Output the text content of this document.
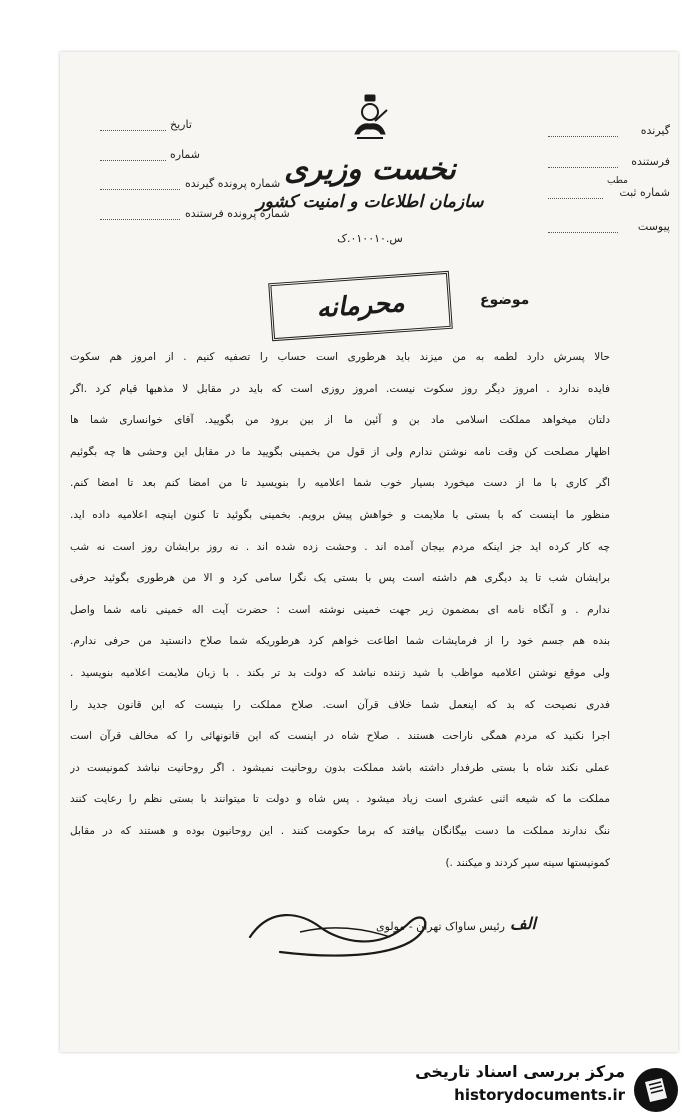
گیرنده
فرستنده
شماره ثبت
مطب
پیوست
تاریخ
شماره
شماره پرونده گیرنده
شماره پرونده فرستنده
نخست وزیری
سازمان اطلاعات و امنیت کشور
س.۰۱۰۰۱۰.ک
موضوع
محرمانه
حالا پسرش دارد لطمه به من میزند باید هرطوری است حساب را تصفیه کنیم . از امروز هم سکوت
فایده ندارد . امروز دیگر روز سکوت نیست. امروز روزی است که باید در مقابل لا مذهبها قیام کرد .اگر
دلتان میخواهد مملکت اسلامی ماد بن و آئین ما از بین برود من بگویید. آقای خوانساری شما ها
اظهار مصلحت کن وقت نامه نوشتن ندارم ولی از قول من بخمینی بگویید ما در مقابل این وحشی ها چه بگوئیم
اگر کاری با ما از دست میخورد بسیار خوب شما اعلامیه را بنویسید تا من امضا کنم بعد تا امضا کنم.
منظور ما اینست که با بستی با ملایمت و خواهش پیش برویم. بخمینی بگوئید تا کنون اینچه اعلامیه داده اید.
چه کار کرده اید جز اینکه مردم بیجان آمده اند . وحشت زده شده اند . نه روز برایشان روز است نه شب
برایشان شب تا ید دیگری هم داشته است پس با بستی یک نگرا سامی کرد و الا من هرطوری بگوئید حرفی
ندارم . و آنگاه نامه ای بمضمون زیر جهت خمینی نوشته است : حضرت آیت اله خمینی نامه شما واصل
بنده هم جسم خود را از فرمایشات شما اطاعت خواهم کرد هرطوریکه شما صلاح دانستید من حرفی ندارم.
ولی موقع نوشتن اعلامیه مواظب با شید زننده نباشد که دولت بد تر بکند . با زبان ملایمت اعلامیه بنویسید .
فدری نصیحت که بد که اینعمل شما خلاف قرآن است. صلاح مملکت را بنیست که این قانون جدید را
اجرا نکنید که مردم همگی ناراحت هستند . صلاح شاه در اینست که این قانونهائی را که مخالف قرآن است
عملی نکند شاه با بستی طرفدار داشته باشد مملکت بدون روحانیت نمیشود . اگر روحانیت نباشد کمونیست در
مملکت ما که شیعه اثنی عشری است زیاد میشود . پس شاه و دولت تا میتوانند با بستی نظم را رعایت کنند
ننگ ندارند مملکت ما دست بیگانگان بیافتد که برما حکومت کنند . این روحانیون بوده و هستند که در مقابل
کمونیستها سینه سپر کردند و میکنند .)
رئیس ساواک تهران - مولوی الف
مرکز بررسی اسناد تاریخی
historydocuments.ir
